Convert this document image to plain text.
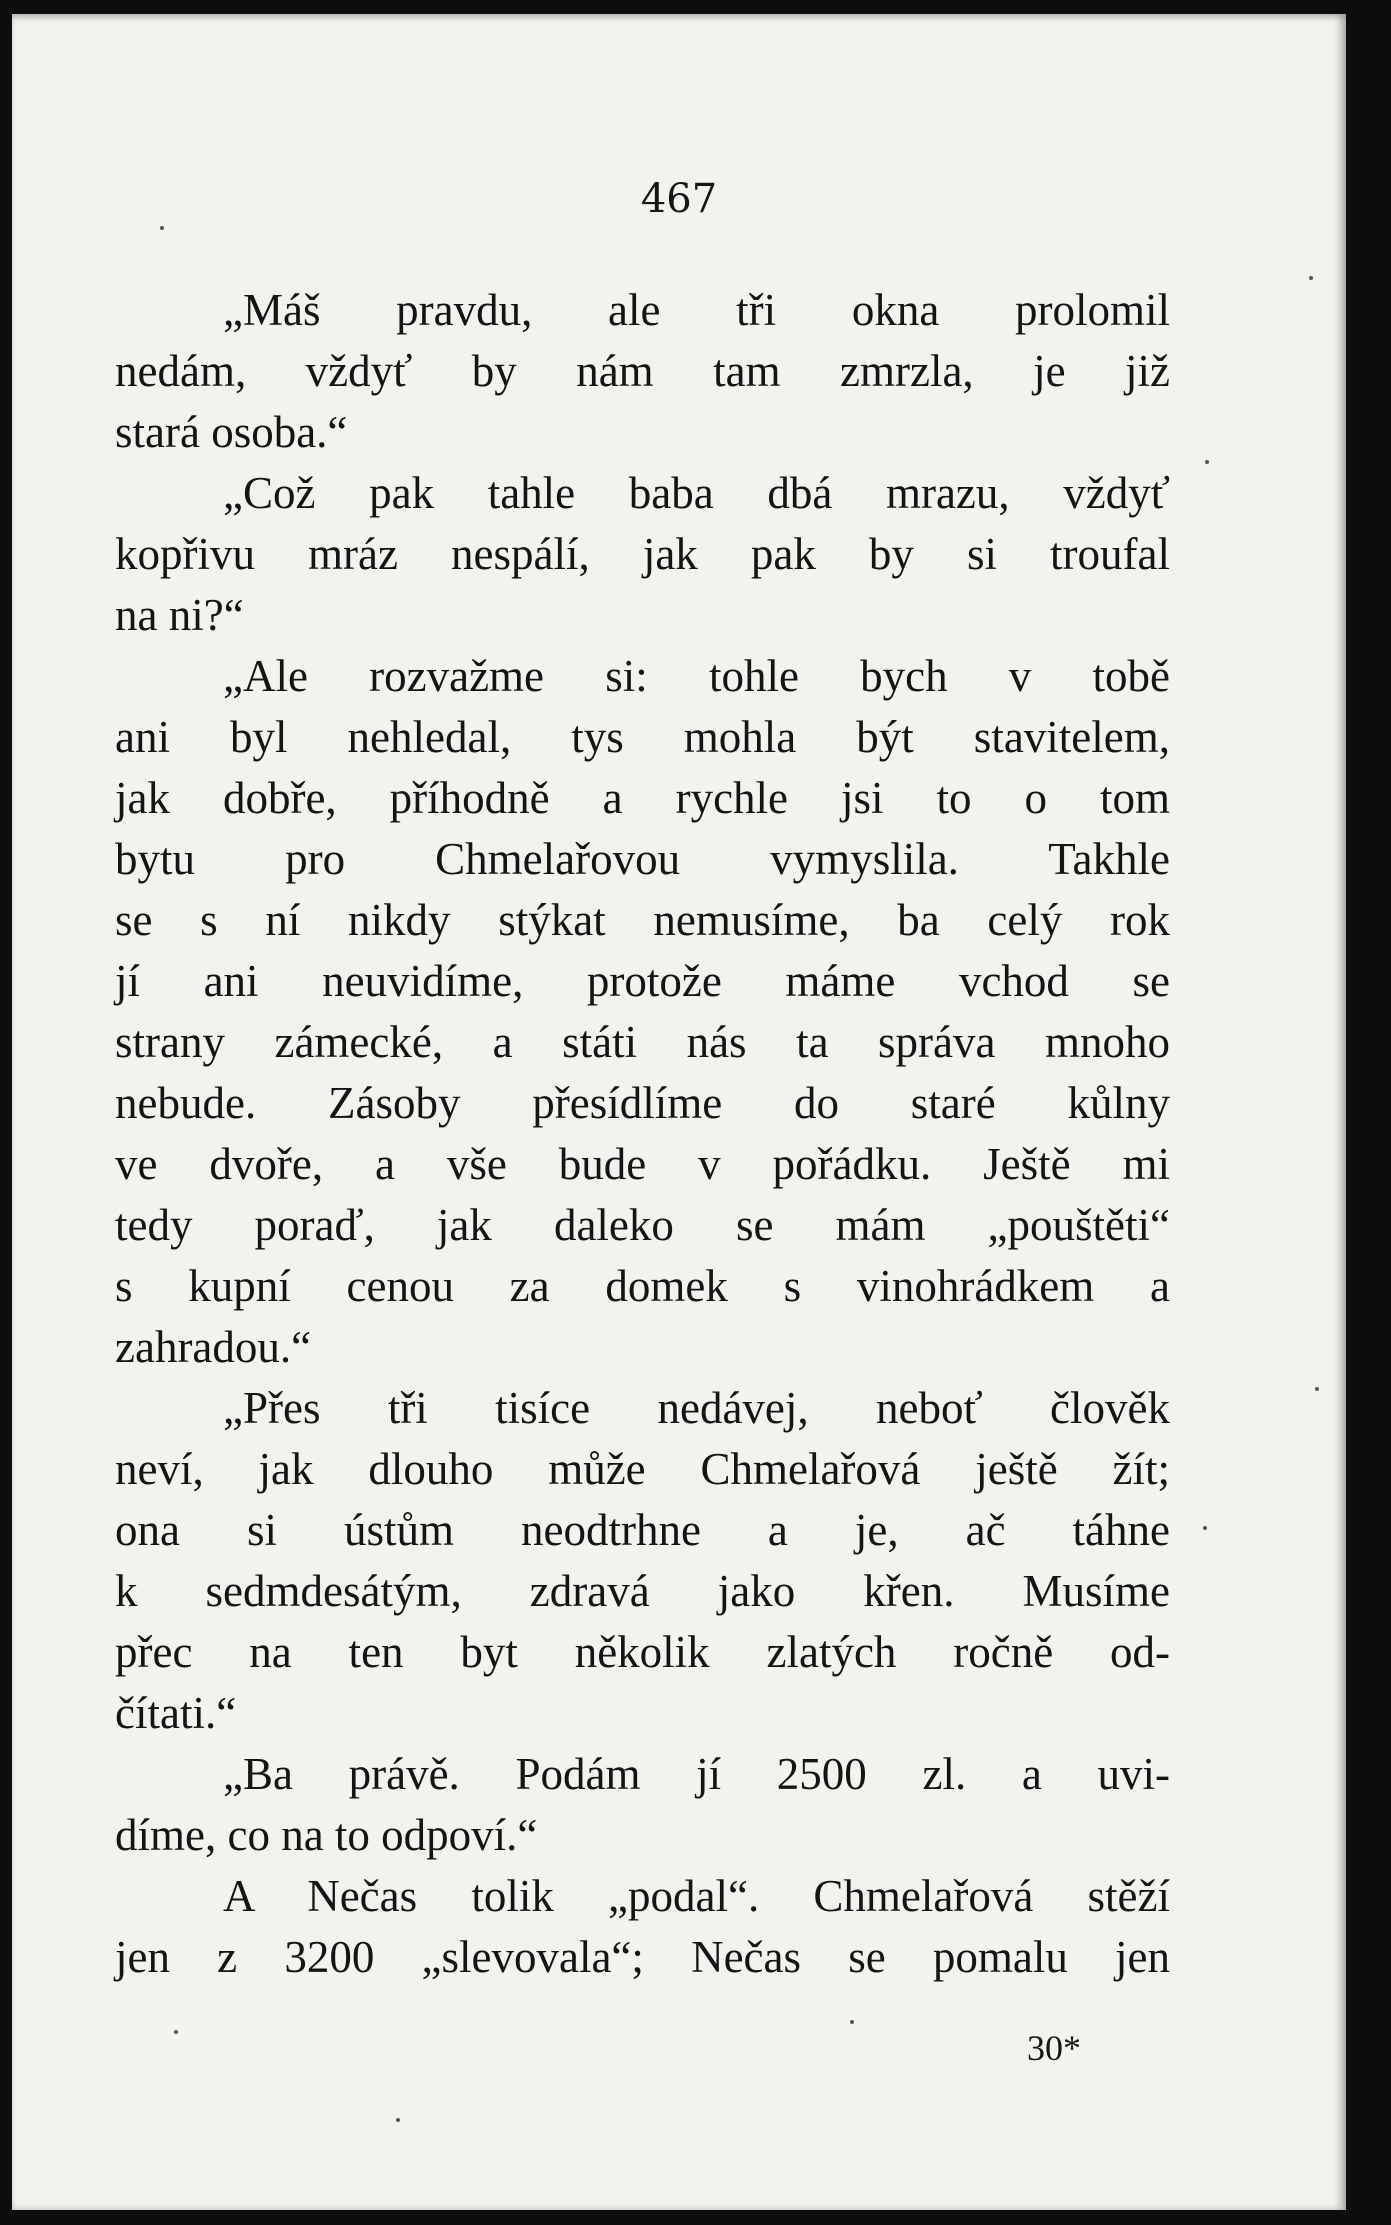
467
„Máš pravdu, ale tři okna prolomil
nedám, vždyť by nám tam zmrzla, je již
stará osoba.“
„Což pak tahle baba dbá mrazu, vždyť
kopřivu mráz nespálí, jak pak by si troufal
na ni?“
„Ale rozvažme si: tohle bych v tobě
ani byl nehledal, tys mohla být stavitelem,
jak dobře, příhodně a rychle jsi to o tom
bytu pro Chmelařovou vymyslila. Takhle
se s ní nikdy stýkat nemusíme, ba celý rok
jí ani neuvidíme, protože máme vchod se
strany zámecké, a státi nás ta správa mnoho
nebude. Zásoby přesídlíme do staré kůlny
ve dvoře, a vše bude v pořádku. Ještě mi
tedy poraď, jak daleko se mám „pouštěti“
s kupní cenou za domek s vinohrádkem a
zahradou.“
„Přes tři tisíce nedávej, neboť člověk
neví, jak dlouho může Chmelařová ještě žít;
ona si ústům neodtrhne a je, ač táhne
k sedmdesátým, zdravá jako křen. Musíme
přec na ten byt několik zlatých ročně od-
čítati.“
„Ba právě. Podám jí 2500 zl. a uvi-
díme, co na to odpoví.“
A Nečas tolik „podal“. Chmelařová stěží
jen z 3200 „slevovala“; Nečas se pomalu jen
30*
